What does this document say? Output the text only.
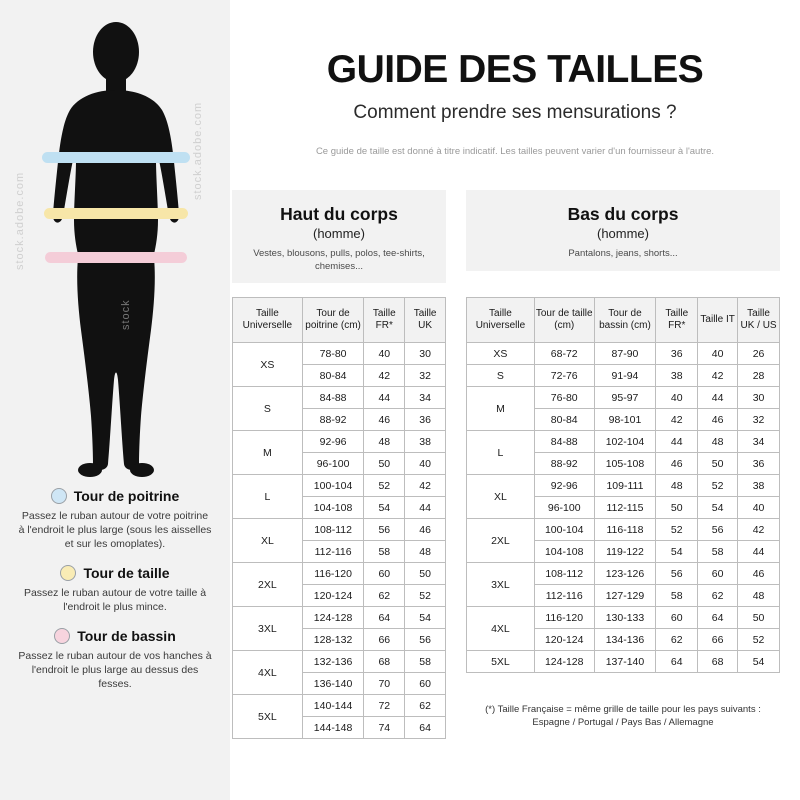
stock.adobe.com
stock.adobe.com
stock
Tour de poitrine
Passez le ruban autour de votre poitrine à l'endroit le plus large (sous les aisselles et sur les omoplates).
Tour de taille
Passez le ruban autour de votre taille à l'endroit le plus mince.
Tour de bassin
Passez le ruban autour de vos hanches à l'endroit le plus large au dessus des fesses.
GUIDE DES TAILLES
Comment prendre ses mensurations ?
Ce guide de taille est donné à titre indicatif. Les tailles peuvent varier d'un fournisseur à l'autre.
Haut du corps
(homme)
Vestes, blousons, pulls, polos, tee-shirts, chemises...
Taille Universelle	Tour de poitrine (cm)	Taille FR*	Taille UK
XS	78-80	40	30
	80-84	42	32
S	84-88	44	34
	88-92	46	36
M	92-96	48	38
	96-100	50	40
L	100-104	52	42
	104-108	54	44
XL	108-112	56	46
	112-116	58	48
2XL	116-120	60	50
	120-124	62	52
3XL	124-128	64	54
	128-132	66	56
4XL	132-136	68	58
	136-140	70	60
5XL	140-144	72	62
	144-148	74	64
Bas du corps
(homme)
Pantalons, jeans, shorts...
Taille Universelle	Tour de taille (cm)	Tour de bassin (cm)	Taille FR*	Taille IT	Taille UK / US
XS	68-72	87-90	36	40	26
S	72-76	91-94	38	42	28
M	76-80	95-97	40	44	30
	80-84	98-101	42	46	32
L	84-88	102-104	44	48	34
	88-92	105-108	46	50	36
XL	92-96	109-111	48	52	38
	96-100	112-115	50	54	40
2XL	100-104	116-118	52	56	42
	104-108	119-122	54	58	44
3XL	108-112	123-126	56	60	46
	112-116	127-129	58	62	48
4XL	116-120	130-133	60	64	50
	120-124	134-136	62	66	52
5XL	124-128	137-140	64	68	54
(*) Taille Française = même grille de taille pour les pays suivants : Espagne / Portugal / Pays Bas / Allemagne
